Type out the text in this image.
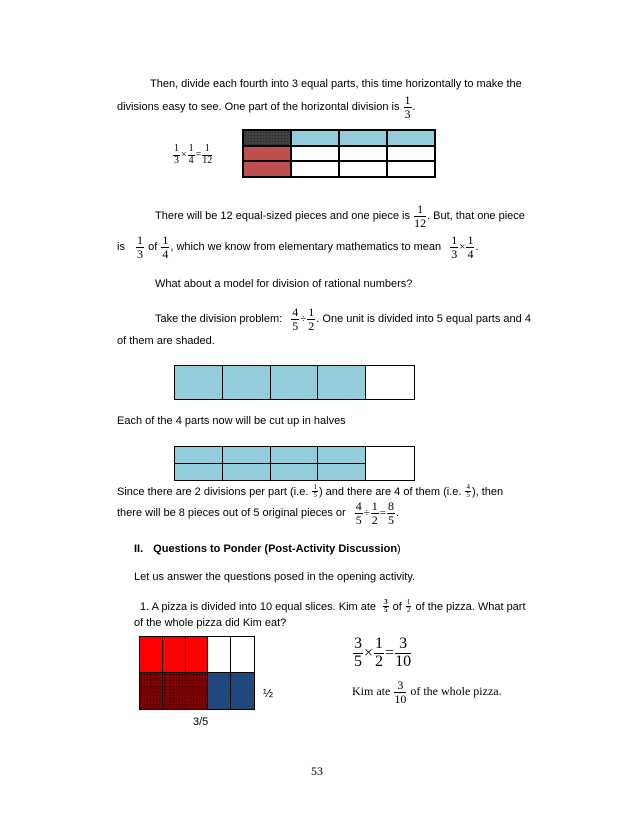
Then, divide each fourth into 3 equal parts, this time horizontally to make the
divisions easy to see. One part of the horizontal division is $\frac{1}{3}$ .
$\frac{1}{3} \times \frac{1}{4} = \frac{1}{12}$
There will be 12 equal-sized pieces and one piece is $\frac{1}{12}$ . But, that one piece
is $\frac{1}{3}$ of $\frac{1}{4}$ , which we know from elementary mathematics to mean $\frac{1}{3} \times \frac{1}{4}$ .
What about a model for division of rational numbers?
Take the division problem: $\frac{4}{5} \div \frac{1}{2}$ . One unit is divided into 5 equal parts and 4
of them are shaded.
Each of the 4 parts now will be cut up in halves
Since there are 2 divisions per part (i.e. $\frac{1}{5}$ ) and there are 4 of them (i.e. $\frac{4}{5}$ ), then
there will be 8 pieces out of 5 original pieces or $\frac{4}{5} \div \frac{1}{2} = \frac{8}{5}$ .
II. Questions to Ponder (Post-Activity Discussion)
Let us answer the questions posed in the opening activity.
1. A pizza is divided into 10 equal slices. Kim ate $\frac{3}{5}$ of $\frac{1}{2}$ of the pizza. What part
of the whole pizza did Kim eat?
½
3/5
$\frac{3}{5} \times \frac{1}{2} = \frac{3}{10}$
Kim ate $\frac{3}{10}$ of the whole pizza.
53
